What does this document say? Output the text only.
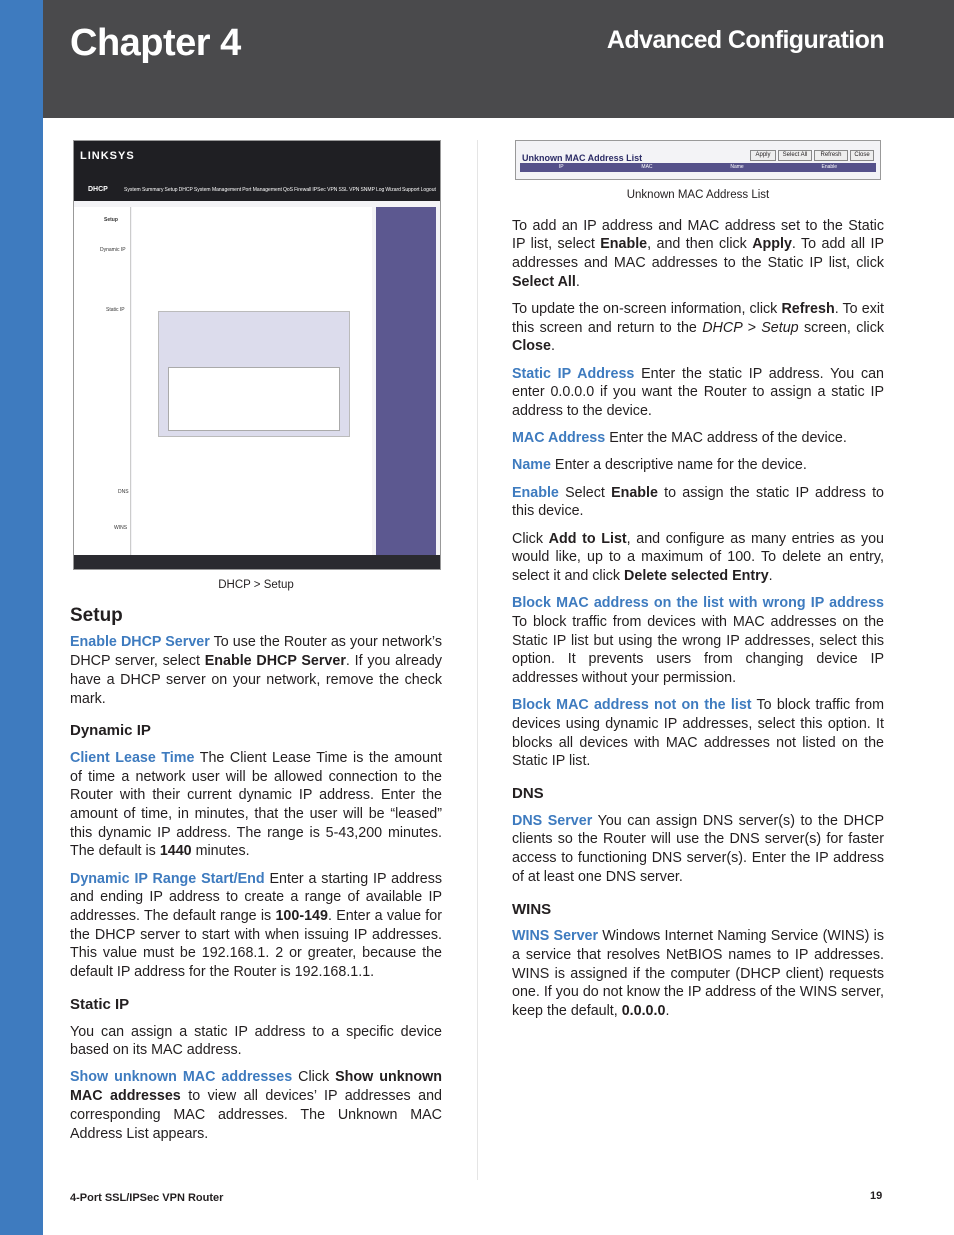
Chapter 4	Advanced Configuration
LINKSYS
DHCP	System Summary Setup DHCP System Management Port Management QoS Firewall IPSec VPN SSL VPN SNMP Log Wizard Support Logout
Setup
Dynamic IP
Static IP
DNS
WINS
DHCP > Setup
Setup

Enable DHCP Server To use the Router as your network’s DHCP server, select Enable DHCP Server. If you already have a DHCP server on your network, remove the check mark.

Dynamic IP

Client Lease Time The Client Lease Time is the amount of time a network user will be allowed connection to the Router with their current dynamic IP address. Enter the amount of time, in minutes, that the user will be “leased” this dynamic IP address. The range is 5-43,200 minutes. The default is 1440 minutes.

Dynamic IP Range Start/End Enter a starting IP address and ending IP address to create a range of available IP addresses. The default range is 100-149. Enter a value for the DHCP server to start with when issuing IP addresses. This value must be 192.168.1. 2 or greater, because the default IP address for the Router is 192.168.1.1.

Static IP

You can assign a static IP address to a specific device based on its MAC address.

Show unknown MAC addresses Click Show unknown MAC addresses to view all devices’ IP addresses and corresponding MAC addresses. The Unknown MAC Address List appears.

Unknown MAC Address List	Apply	Select All	Refresh	Close
IP	MAC	Name	Enable
Unknown MAC Address List

To add an IP address and MAC address set to the Static IP list, select Enable, and then click Apply. To add all IP addresses and MAC addresses to the Static IP list, click Select All.

To update the on-screen information, click Refresh. To exit this screen and return to the DHCP > Setup screen, click Close.

Static IP Address Enter the static IP address. You can enter 0.0.0.0 if you want the Router to assign a static IP address to the device.

MAC Address Enter the MAC address of the device.

Name Enter a descriptive name for the device.

Enable Select Enable to assign the static IP address to this device.

Click Add to List, and configure as many entries as you would like, up to a maximum of 100. To delete an entry, select it and click Delete selected Entry.

Block MAC address on the list with wrong IP address To block traffic from devices with MAC addresses on the Static IP list but using the wrong IP addresses, select this option. It prevents users from changing device IP addresses without your permission.

Block MAC address not on the list To block traffic from devices using dynamic IP addresses, select this option. It blocks all devices with MAC addresses not listed on the Static IP list.

DNS

DNS Server You can assign DNS server(s) to the DHCP clients so the Router will use the DNS server(s) for faster access to functioning DNS server(s). Enter the IP address of at least one DNS server.

WINS

WINS Server Windows Internet Naming Service (WINS) is a service that resolves NetBIOS names to IP addresses. WINS is assigned if the computer (DHCP client) requests one. If you do not know the IP address of the WINS server, keep the default, 0.0.0.0.

4-Port SSL/IPSec VPN Router	19
